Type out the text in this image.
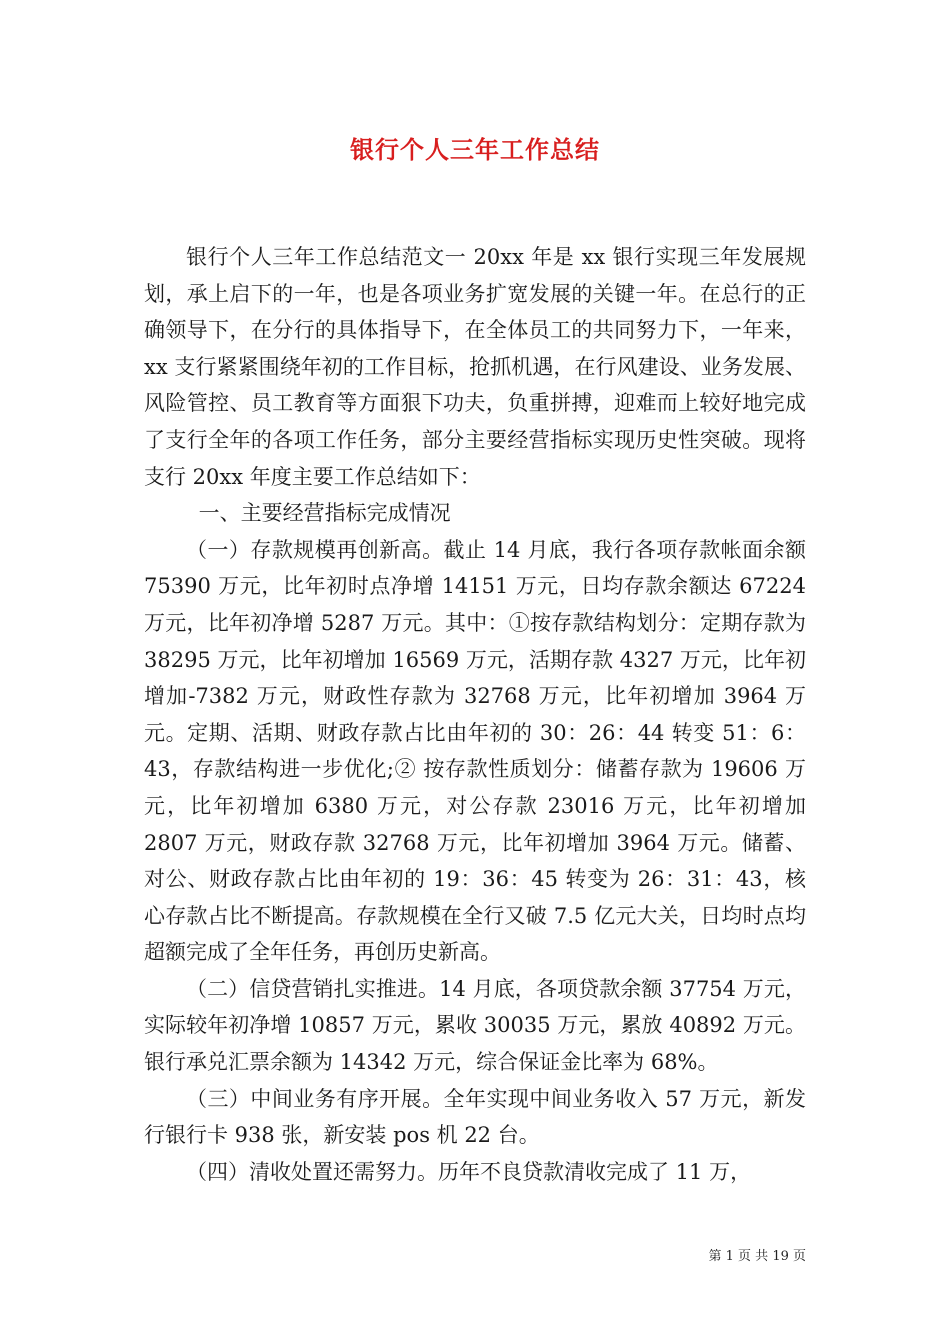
银行个人三年工作总结

银行个人三年工作总结范文一 20xx 年是 xx 银行实现三年发展规划，承上启下的一年，也是各项业务扩宽发展的关键一年。在总行的正确领导下，在分行的具体指导下，在全体员工的共同努力下，一年来，xx 支行紧紧围绕年初的工作目标，抢抓机遇，在行风建设、业务发展、风险管控、员工教育等方面狠下功夫，负重拼搏，迎难而上较好地完成了支行全年的各项工作任务，部分主要经营指标实现历史性突破。现将支行 20xx 年度主要工作总结如下：

一、主要经营指标完成情况

（一）存款规模再创新高。截止 14 月底，我行各项存款帐面余额 75390 万元，比年初时点净增 14151 万元，日均存款余额达 67224 万元，比年初净增 5287 万元。其中：①按存款结构划分：定期存款为 38295 万元，比年初增加 16569 万元，活期存款 4327 万元，比年初增加-7382 万元，财政性存款为 32768 万元，比年初增加 3964 万元。定期、活期、财政存款占比由年初的 30：26：44 转变 51：6：43，存款结构进一步优化;② 按存款性质划分：储蓄存款为 19606 万元，比年初增加 6380 万元，对公存款 23016 万元，比年初增加 2807 万元，财政存款 32768 万元，比年初增加 3964 万元。储蓄、对公、财政存款占比由年初的 19：36：45 转变为 26：31：43，核心存款占比不断提高。存款规模在全行又破 7.5 亿元大关，日均时点均超额完成了全年任务，再创历史新高。

（二）信贷营销扎实推进。14 月底，各项贷款余额 37754 万元，实际较年初净增 10857 万元，累收 30035 万元，累放 40892 万元。银行承兑汇票余额为 14342 万元，综合保证金比率为 68%。

（三）中间业务有序开展。全年实现中间业务收入 57 万元，新发行银行卡 938 张，新安装 pos 机 22 台。

（四）清收处置还需努力。历年不良贷款清收完成了 11 万，

第 1 页 共 19 页
